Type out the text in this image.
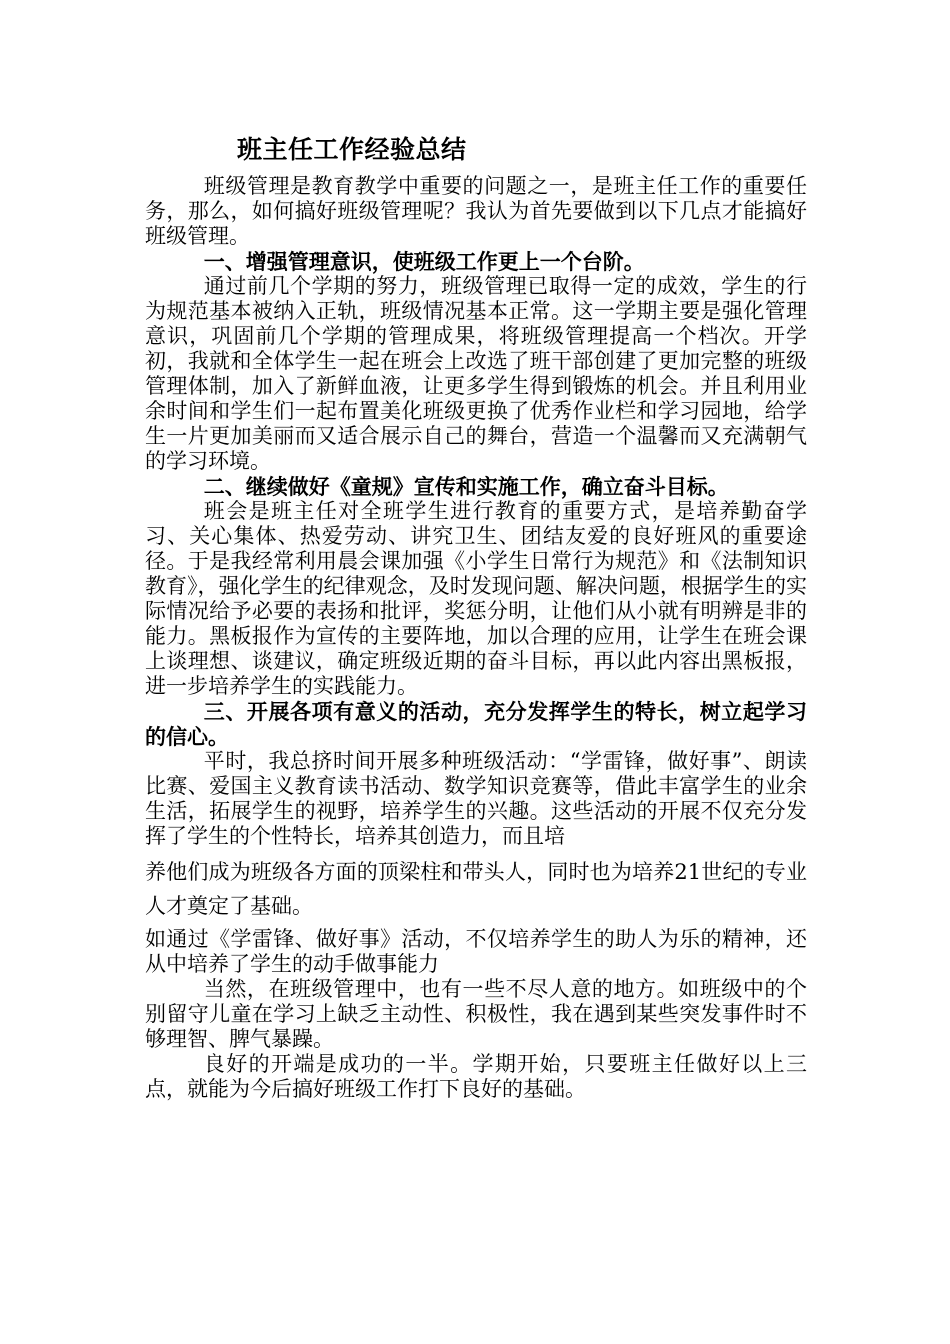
班主任工作经验总结

班级管理是教育教学中重要的问题之一，是班主任工作的重要任务，那么，如何搞好班级管理呢？我认为首先要做到以下几点才能搞好班级管理。

一、增强管理意识，使班级工作更上一个台阶。

通过前几个学期的努力，班级管理已取得一定的成效，学生的行为规范基本被纳入正轨，班级情况基本正常。这一学期主要是强化管理意识，巩固前几个学期的管理成果，将班级管理提高一个档次。开学初，我就和全体学生一起在班会上改选了班干部创建了更加完整的班级管理体制，加入了新鲜血液，让更多学生得到锻炼的机会。并且利用业余时间和学生们一起布置美化班级更换了优秀作业栏和学习园地，给学生一片更加美丽而又适合展示自己的舞台，营造一个温馨而又充满朝气的学习环境。

二、继续做好《童规》宣传和实施工作，确立奋斗目标。

班会是班主任对全班学生进行教育的重要方式，是培养勤奋学习、关心集体、热爱劳动、讲究卫生、团结友爱的良好班风的重要途径。于是我经常利用晨会课加强《小学生日常行为规范》和《法制知识教育》，强化学生的纪律观念，及时发现问题、解决问题，根据学生的实际情况给予必要的表扬和批评，奖惩分明，让他们从小就有明辨是非的能力。黑板报作为宣传的主要阵地，加以合理的应用，让学生在班会课上谈理想、谈建议，确定班级近期的奋斗目标，再以此内容出黑板报，进一步培养学生的实践能力。

三、开展各项有意义的活动，充分发挥学生的特长，树立起学习的信心。

平时，我总挤时间开展多种班级活动：“学雷锋，做好事”、朗读比赛、爱国主义教育读书活动、数学知识竞赛等，借此丰富学生的业余生活，拓展学生的视野，培养学生的兴趣。这些活动的开展不仅充分发挥了学生的个性特长，培养其创造力，而且培

养他们成为班级各方面的顶梁柱和带头人，同时也为培养21世纪的专业人才奠定了基础。

如通过《学雷锋、做好事》活动，不仅培养学生的助人为乐的精神，还从中培养了学生的动手做事能力

当然，在班级管理中，也有一些不尽人意的地方。如班级中的个别留守儿童在学习上缺乏主动性、积极性，我在遇到某些突发事件时不够理智、脾气暴躁。

良好的开端是成功的一半。学期开始，只要班主任做好以上三点，就能为今后搞好班级工作打下良好的基础。
